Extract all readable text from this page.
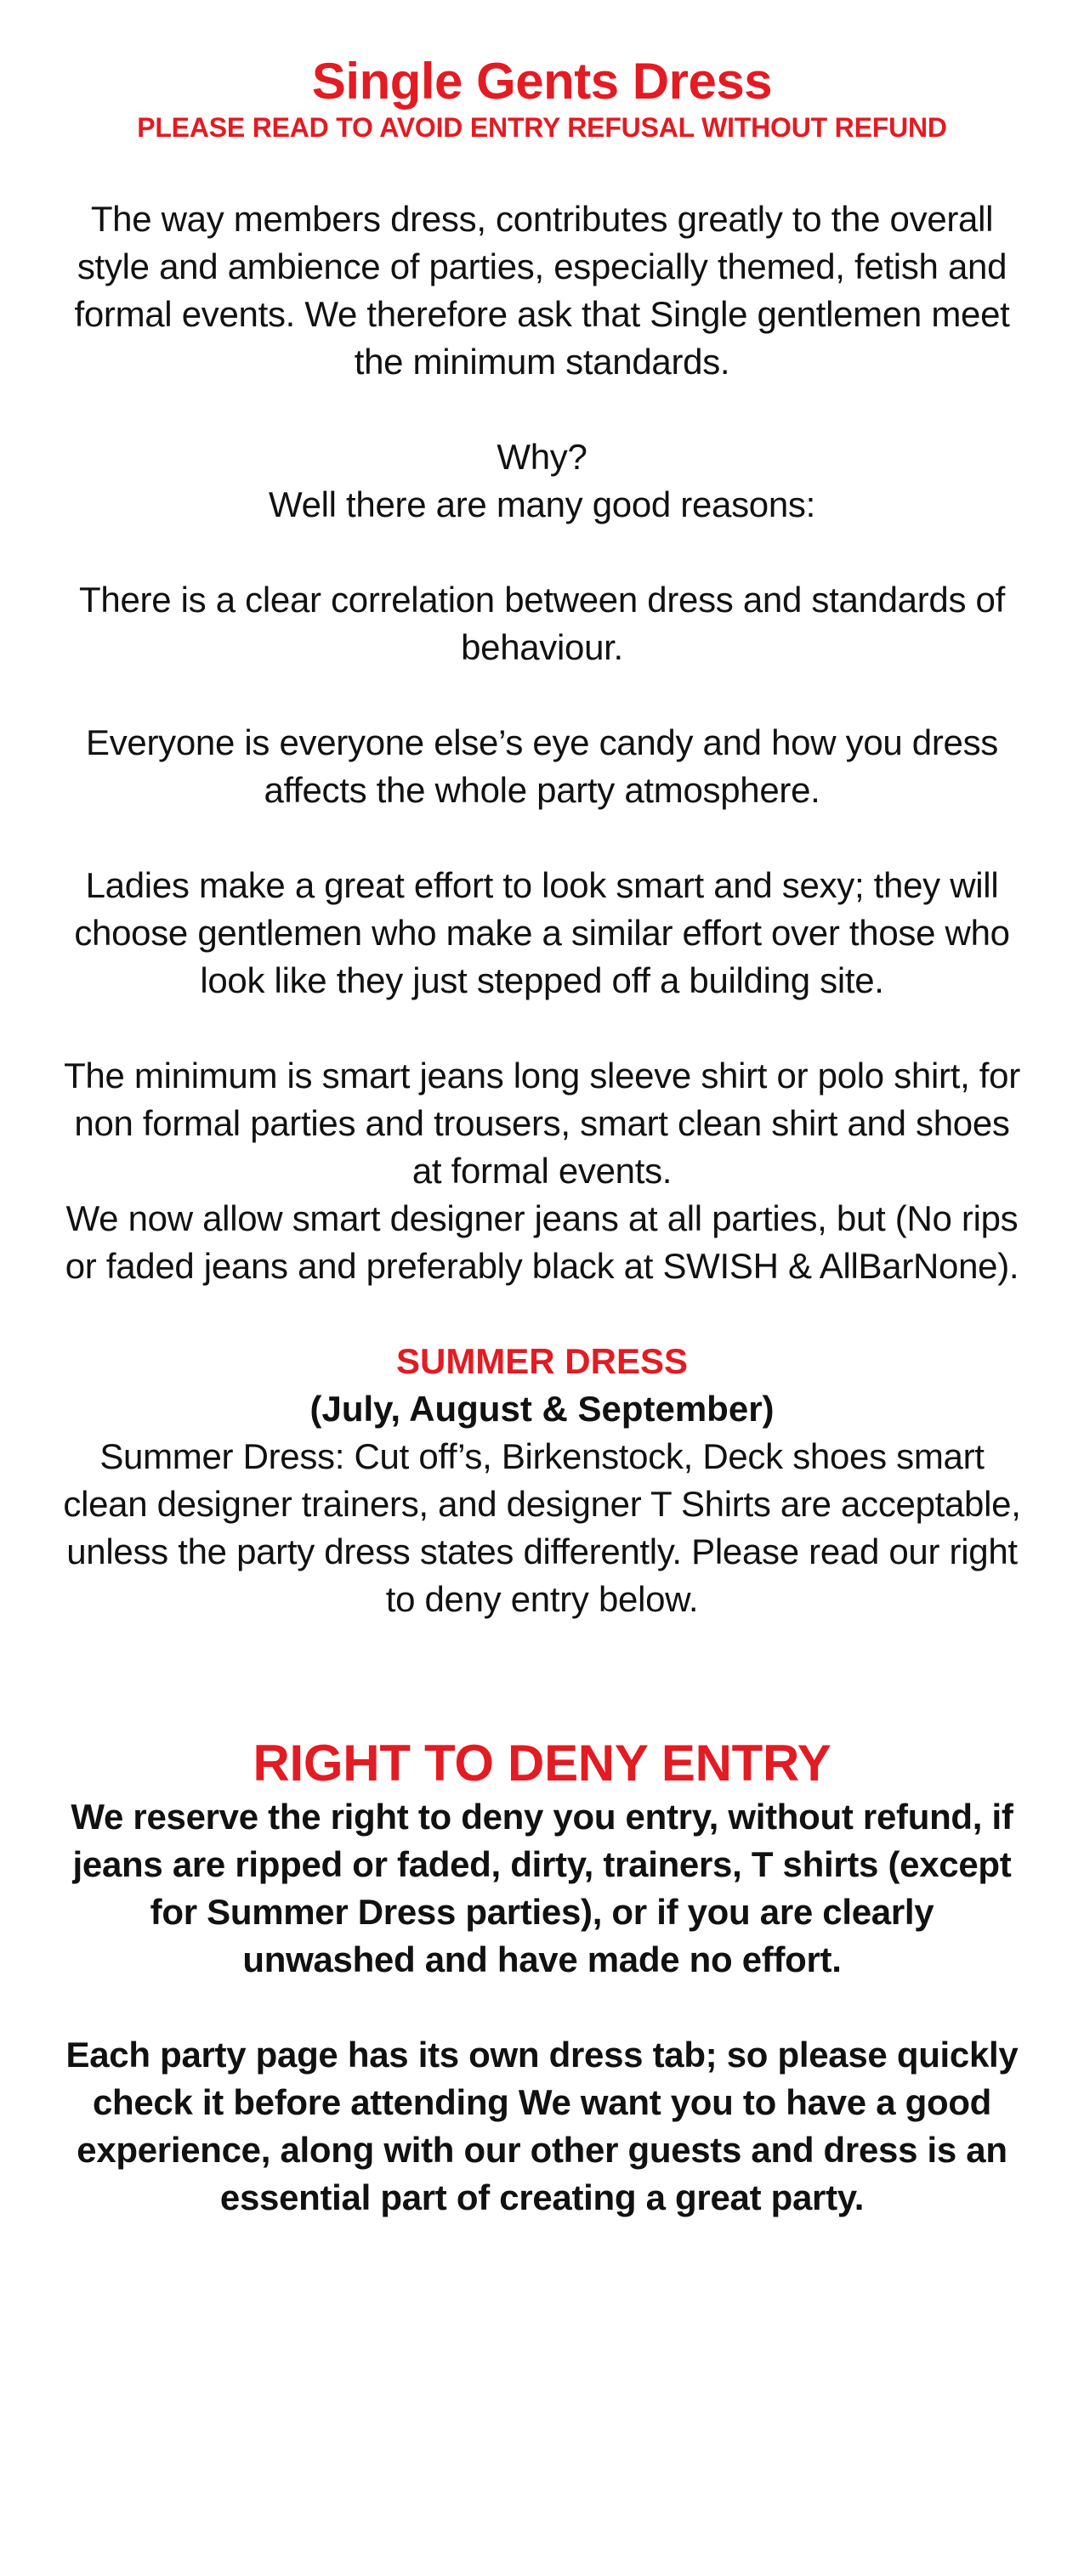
Single Gents Dress

PLEASE READ TO AVOID ENTRY REFUSAL WITHOUT REFUND

The way members dress, contributes greatly to the overall style and ambience of parties, especially themed, fetish and formal events. We therefore ask that Single gentlemen meet the minimum standards.

Why?

Well there are many good reasons:

There is a clear correlation between dress and standards of behaviour.

Everyone is everyone else’s eye candy and how you dress affects the whole party atmosphere.

Ladies make a great effort to look smart and sexy; they will choose gentlemen who make a similar effort over those who look like they just stepped off a building site.

The minimum is smart jeans long sleeve shirt or polo shirt, for non formal parties and trousers, smart clean shirt and shoes at formal events.

We now allow smart designer jeans at all parties, but (No rips or faded jeans and preferably black at SWISH & AllBarNone).

SUMMER DRESS

(July, August & September)

Summer Dress: Cut off’s, Birkenstock, Deck shoes smart clean designer trainers, and designer T Shirts are acceptable, unless the party dress states differently. Please read our right to deny entry below.

RIGHT TO DENY ENTRY

We reserve the right to deny you entry, without refund, if jeans are ripped or faded, dirty, trainers, T shirts (except for Summer Dress parties), or if you are clearly unwashed and have made no effort.

Each party page has its own dress tab; so please quickly check it before attending We want you to have a good experience, along with our other guests and dress is an essential part of creating a great party.
